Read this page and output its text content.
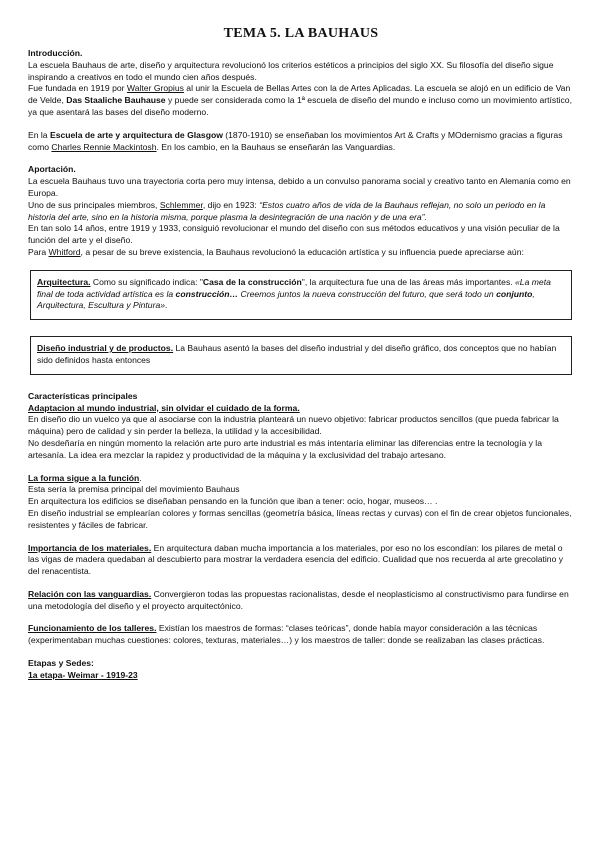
TEMA 5. LA BAUHAUS

Introducción.

La escuela Bauhaus de arte, diseño y arquitectura revolucionó los criterios estéticos a principios del siglo XX. Su filosofía del diseño sigue inspirando a creativos en todo el mundo cien años después.

Fue fundada en 1919 por Walter Gropius al unir la Escuela de Bellas Artes con la de Artes Aplicadas. La escuela se alojó en un edificio de Van de Velde, Das Staaliche Bauhause y puede ser considerada como la 1ª escuela de diseño del mundo e incluso como un movimiento artístico, ya que asentará las bases del diseño moderno.

En la Escuela de arte y arquitectura de Glasgow (1870-1910) se enseñaban los movimientos Art & Crafts y MOdernismo gracias a figuras como Charles Rennie Mackintosh. En los cambio, en la Bauhaus se enseñarán las Vanguardias.

Aportación.

La escuela Bauhaus tuvo una trayectoria corta pero muy intensa, debido a un convulso panorama social y creativo tanto en Alemania como en Europa.

Uno de sus principales miembros, Schlemmer, dijo en 1923: “Estos cuatro años de vida de la Bauhaus reflejan, no solo un periodo en la historia del arte, sino en la historia misma, porque plasma la desintegración de una nación y de una era”.

En tan solo 14 años, entre 1919 y 1933, consiguió revolucionar el mundo del diseño con sus métodos educativos y una visión peculiar de la función del arte y el diseño.

Para Whitford, a pesar de su breve existencia, la Bauhaus revolucionó la educación artística y su influencia puede apreciarse aún:

Arquitectura. Como su significado indica: "Casa de la construcción", la arquitectura fue una de las áreas más importantes. «La meta final de toda actividad artística es la construcción… Creemos juntos la nueva construcción del futuro, que será todo un conjunto, Arquitectura, Escultura y Pintura».

Diseño industrial y de productos. La Bauhaus asentó la bases del diseño industrial y del diseño gráfico, dos conceptos que no habían sido definidos hasta entonces

Características principales

Adaptacion al mundo industrial, sin olvidar el cuidado de la forma.

En diseño dio un vuelco ya que al asociarse con la industria planteará un nuevo objetivo: fabricar productos sencillos (que pueda fabricar la máquina) pero de calidad y sin perder la belleza, la utilidad y la accesibilidad.

No desdeñaría en ningún momento la relación arte puro arte industrial es más intentaría eliminar las diferencias entre la tecnología y la artesanía. La idea era mezclar la rapidez y productividad de la máquina y la exclusividad del trabajo artesano.

La forma sigue a la función.

Esta sería la premisa principal del movimiento Bauhaus

En arquitectura los edificios se diseñaban pensando en la función que iban a tener: ocio, hogar, museos… .

En diseño industrial se emplearían colores y formas sencillas (geometría básica, líneas rectas y curvas) con el fin de crear objetos funcionales, resistentes y fáciles de fabricar.

Importancia de los materiales. En arquitectura daban mucha importancia a los materiales, por eso no los escondían: los pilares de metal o las vigas de madera quedaban al descubierto para mostrar la verdadera esencia del edificio. Cualidad que nos recuerda al arte grecolatino y del renacentista.

Relación con las vanguardias. Convergieron todas las propuestas racionalistas, desde el neoplasticismo al constructivismo para fundirse en una metodología del diseño y el proyecto arquitectónico.

Funcionamiento de los talleres. Existían los maestros de formas: “clases teóricas”, donde había mayor consideración a las técnicas (experimentaban muchas cuestiones: colores, texturas, materiales…) y los maestros de taller: donde se realizaban las clases prácticas.

Etapas y Sedes:

1a etapa- Weimar - 1919-23
